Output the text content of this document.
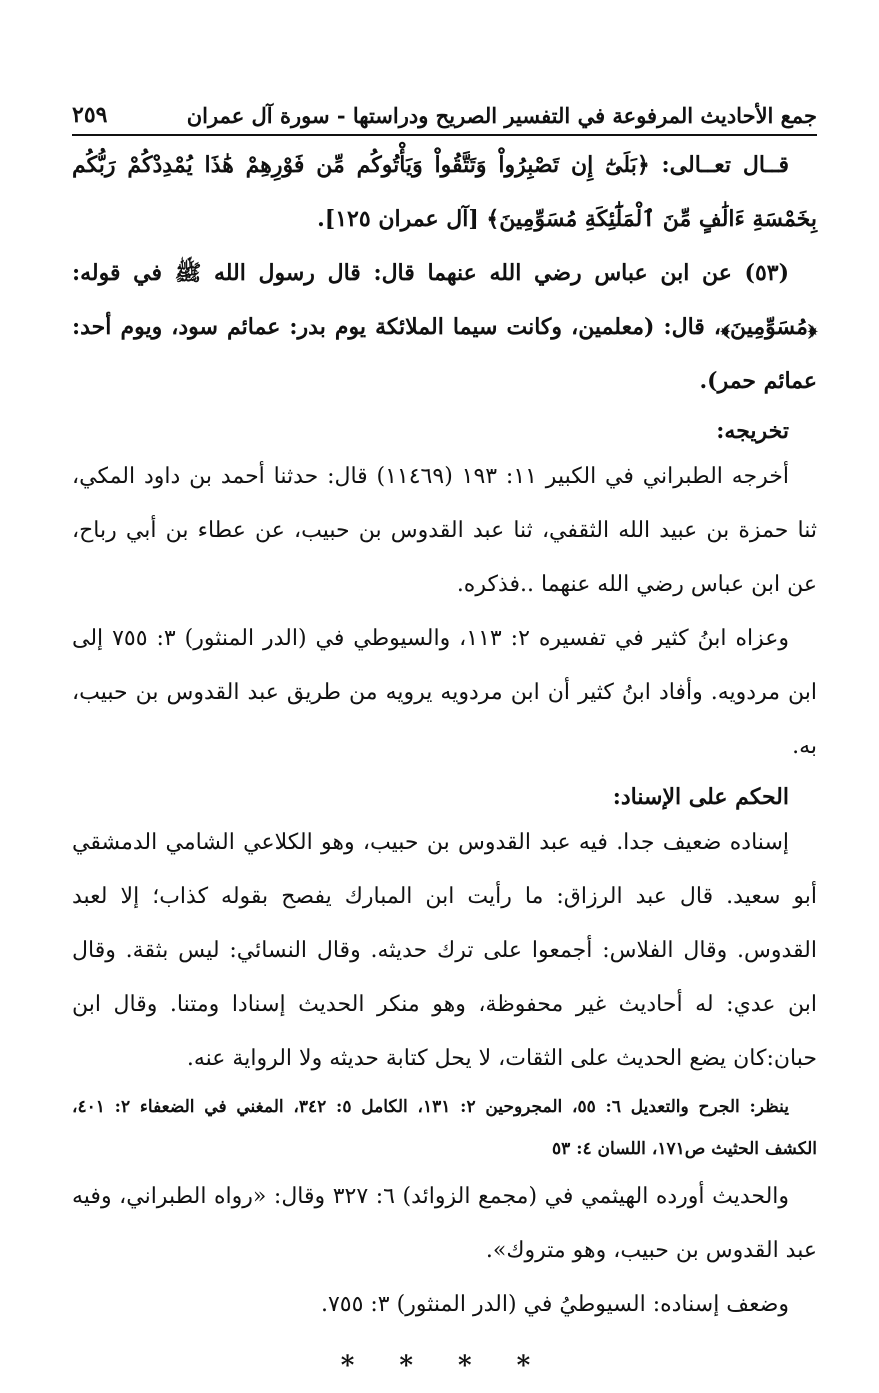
جمع الأحاديث المرفوعة في التفسير الصريح ودراستها - سورة آل عمران
٢٥٩

قــال تعــالى: ﴿بَلَىٰٓ إِن تَصْبِرُواْ وَتَتَّقُواْ وَيَأْتُوكُم مِّن فَوْرِهِمْ هَٰذَا يُمْدِدْكُمْ رَبُّكُم بِخَمْسَةِ ءَالَٰفٍ مِّنَ ٱلْمَلَٰٓئِكَةِ مُسَوِّمِينَ﴾ [آل عمران ١٢٥].

(٥٣) عن ابن عباس رضي الله عنهما قال: قال رسول الله ﷺ في قوله: ﴿مُسَوِّمِينَ﴾، قال: (معلمين، وكانت سيما الملائكة يوم بدر: عمائم سود، ويوم أحد: عمائم حمر).

تخريجه:

أخرجه الطبراني في الكبير ١١: ١٩٣ (١١٤٦٩) قال: حدثنا أحمد بن داود المكي، ثنا حمزة بن عبيد الله الثقفي، ثنا عبد القدوس بن حبيب، عن عطاء بن أبي رباح، عن ابن عباس رضي الله عنهما ..فذكره.

وعزاه ابنُ كثير في تفسيره ٢: ١١٣، والسيوطي في (الدر المنثور) ٣: ٧٥٥ إلى ابن مردويه. وأفاد ابنُ كثير أن ابن مردويه يرويه من طريق عبد القدوس بن حبيب، به.

الحكم على الإسناد:

إسناده ضعيف جدا. فيه عبد القدوس بن حبيب، وهو الكلاعي الشامي الدمشقي أبو سعيد. قال عبد الرزاق: ما رأيت ابن المبارك يفصح بقوله كذاب؛ إلا لعبد القدوس. وقال الفلاس: أجمعوا على ترك حديثه. وقال النسائي: ليس بثقة. وقال ابن عدي: له أحاديث غير محفوظة، وهو منكر الحديث إسنادا ومتنا. وقال ابن حبان:كان يضع الحديث على الثقات، لا يحل كتابة حديثه ولا الرواية عنه.

ينظر: الجرح والتعديل ٦: ٥٥، المجروحين ٢: ١٣١، الكامل ٥: ٣٤٢، المغني في الضعفاء ٢: ٤٠١، الكشف الحثيث ص١٧١، اللسان ٤: ٥٣

والحديث أورده الهيثمي في (مجمع الزوائد) ٦: ٣٢٧ وقال: «رواه الطبراني، وفيه عبد القدوس بن حبيب، وهو متروك».

وضعف إسناده: السيوطيُ في (الدر المنثور) ٣: ٧٥٥.

* * * *
